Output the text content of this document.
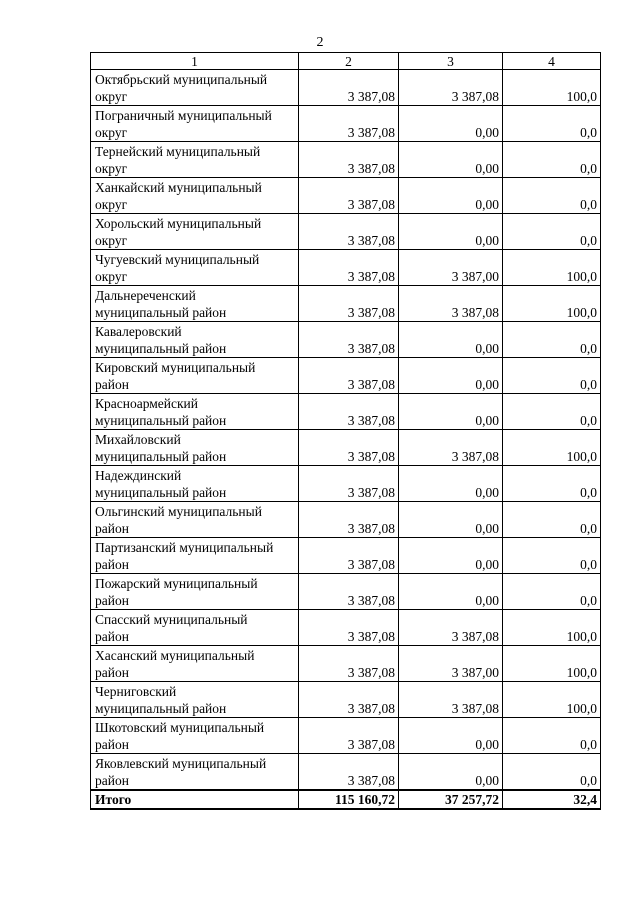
2
1	2	3	4

Октябрьский муниципальный
округ	3 387,08	3 387,08	100,0

Пограничный муниципальный
округ	3 387,08	0,00	0,0

Тернейский муниципальный
округ	3 387,08	0,00	0,0

Ханкайский муниципальный
округ	3 387,08	0,00	0,0

Хорольский муниципальный
округ	3 387,08	0,00	0,0

Чугуевский муниципальный
округ	3 387,08	3 387,00	100,0

Дальнереченский
муниципальный район	3 387,08	3 387,08	100,0

Кавалеровский
муниципальный район	3 387,08	0,00	0,0

Кировский муниципальный
район	3 387,08	0,00	0,0

Красноармейский
муниципальный район	3 387,08	0,00	0,0

Михайловский
муниципальный район	3 387,08	3 387,08	100,0

Надеждинский
муниципальный район	3 387,08	0,00	0,0

Ольгинский муниципальный
район	3 387,08	0,00	0,0

Партизанский муниципальный
район	3 387,08	0,00	0,0

Пожарский муниципальный
район	3 387,08	0,00	0,0

Спасский муниципальный
район	3 387,08	3 387,08	100,0

Хасанский муниципальный
район	3 387,08	3 387,00	100,0

Черниговский
муниципальный район	3 387,08	3 387,08	100,0

Шкотовский муниципальный
район	3 387,08	0,00	0,0

Яковлевский муниципальный
район	3 387,08	0,00	0,0
Итого	115 160,72	37 257,72	32,4
